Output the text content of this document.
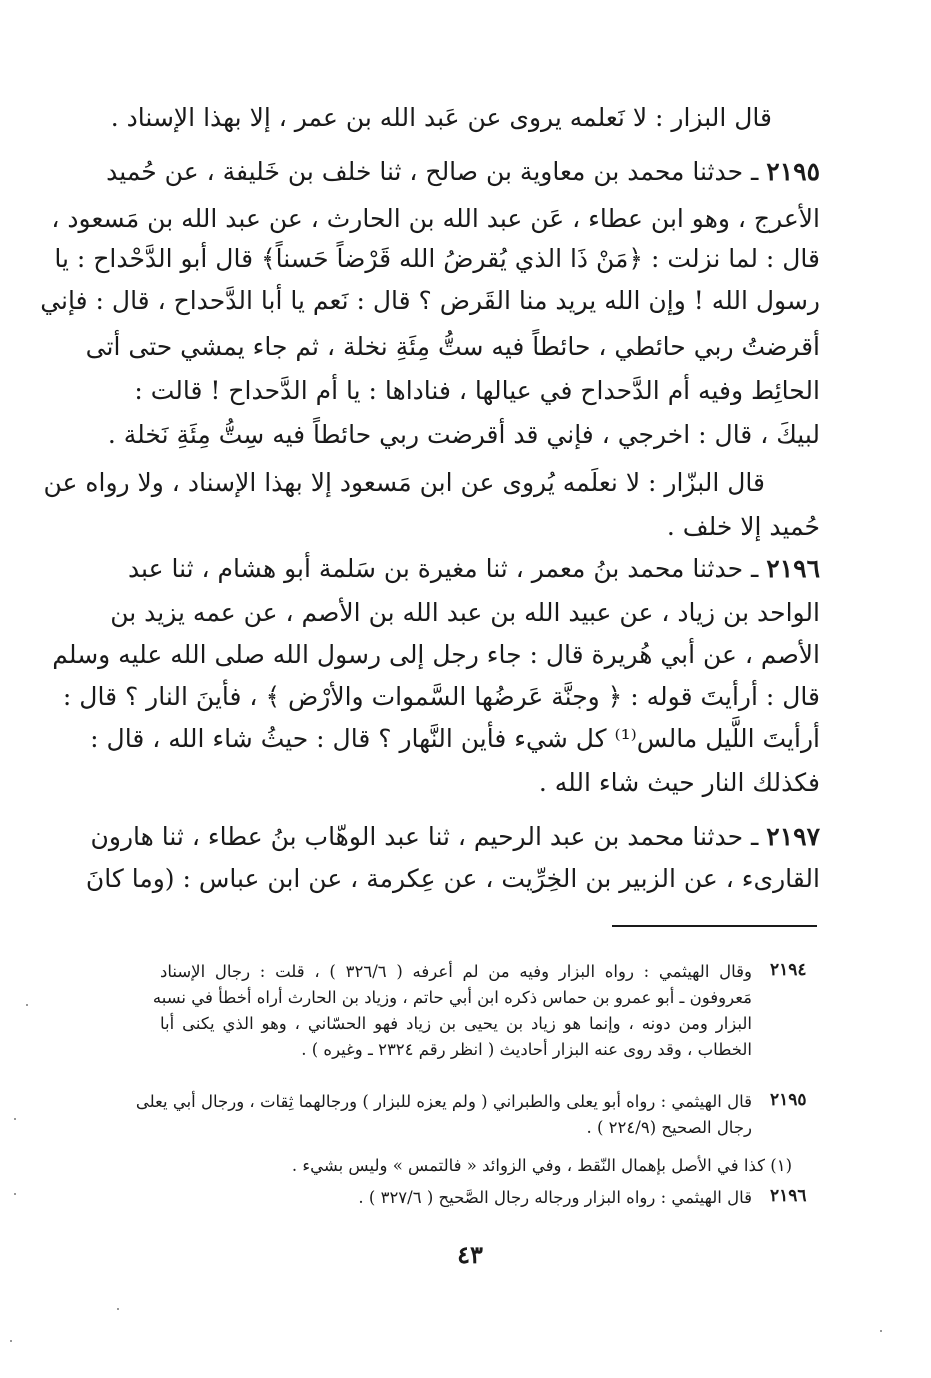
قال البزار : لا نَعلمه يروى عن عَبد الله بن عمر ، إلا بهذا الإسناد .
٢١٩٥ ـ حدثنا محمد بن معاوية بن صالح ، ثنا خلف بن خَليفة ، عن حُميد
الأعرج ، وهو ابن عطاء ، عَن عبد الله بن الحارث ، عن عبد الله بن مَسعود ،
قال : لما نزلت : ﴿مَنْ ذَا الذي يُقرضُ الله قَرْضاً حَسناً﴾ قال أبو الدَّحْداح : يا
رسول الله ! وإن الله يريد منا القَرض ؟ قال : نَعم يا أبا الدَّحداح ، قال : فإني
أقرضتُ ربي حائطي ، حائطاً فيه ستُّ مِئَةِ نخلة ، ثم جاء يمشي حتى أتى
الحائِط وفيه أم الدَّحداح في عيالها ، فناداها : يا أم الدَّحداح ! قالت :
لبيكَ ، قال : اخرجي ، فإني قد أقرضت ربي حائطاً فيه سِتُّ مِئَةِ نَخلة .
قال البزّار : لا نعلَمه يُروى عن ابن مَسعود إلا بهذا الإسناد ، ولا رواه عن
حُميد إلا خلف .
٢١٩٦ ـ حدثنا محمد بنُ معمر ، ثنا مغيرة بن سَلمة أبو هشام ، ثنا عبد
الواحد بن زياد ، عن عبيد الله بن عبد الله بن الأصم ، عن عمه يزيد بن
الأصم ، عن أبي هُريرة قال : جاء رجل إلى رسول الله صلى الله عليه وسلم
قال : أرأيتَ قوله : ﴿ وجنَّة عَرضُها السَّموات والأرْض ﴾ ، فأينَ النار ؟ قال :
أرأيتَ اللَّيل مالس⁽¹⁾ كل شيء فأين النَّهار ؟ قال : حيثُ شاء الله ، قال :
فكذلك النار حيث شاء الله .
٢١٩٧ ـ حدثنا محمد بن عبد الرحيم ، ثنا عبد الوهّاب بنُ عطاء ، ثنا هارون
القارىء ، عن الزبير بن الخِرِّيت ، عن عِكرمة ، عن ابن عباس : (وما كانَ
٢١٩٤
وقال الهيثمي : رواه البزار وفيه من لم أعرفه ( ٣٢٦/٦ ) ، قلت : رجال الإسناد
مَعروفون ـ أبو عمرو بن حماس ذكره ابن أبي حاتم ، وزياد بن الحارث أراه أخطأ في نسبه
البزار ومن دونه ، وإنما هو زياد بن يحيى بن زياد فهو الحسّاني ، وهو الذي يكنى أبا
الخطاب ، وقد روى عنه البزار أحاديث ( انظر رقم ٢٣٢٤ ـ وغيره ) .
٢١٩٥
قال الهيثمي : رواه أبو يعلى والطبراني ( ولم يعزه للبزار ) ورجالهما ثِقات ، ورجال أبي يعلى
رجال الصحيح (٢٢٤/٩ ) .
(١) كذا في الأصل بإهمال النّقط ، وفي الزوائد « فالتمس » وليس بشيء .
٢١٩٦
قال الهيثمي : رواه البزار ورجاله رجال الصَّحيح ( ٣٢٧/٦ ) .
٤٣
